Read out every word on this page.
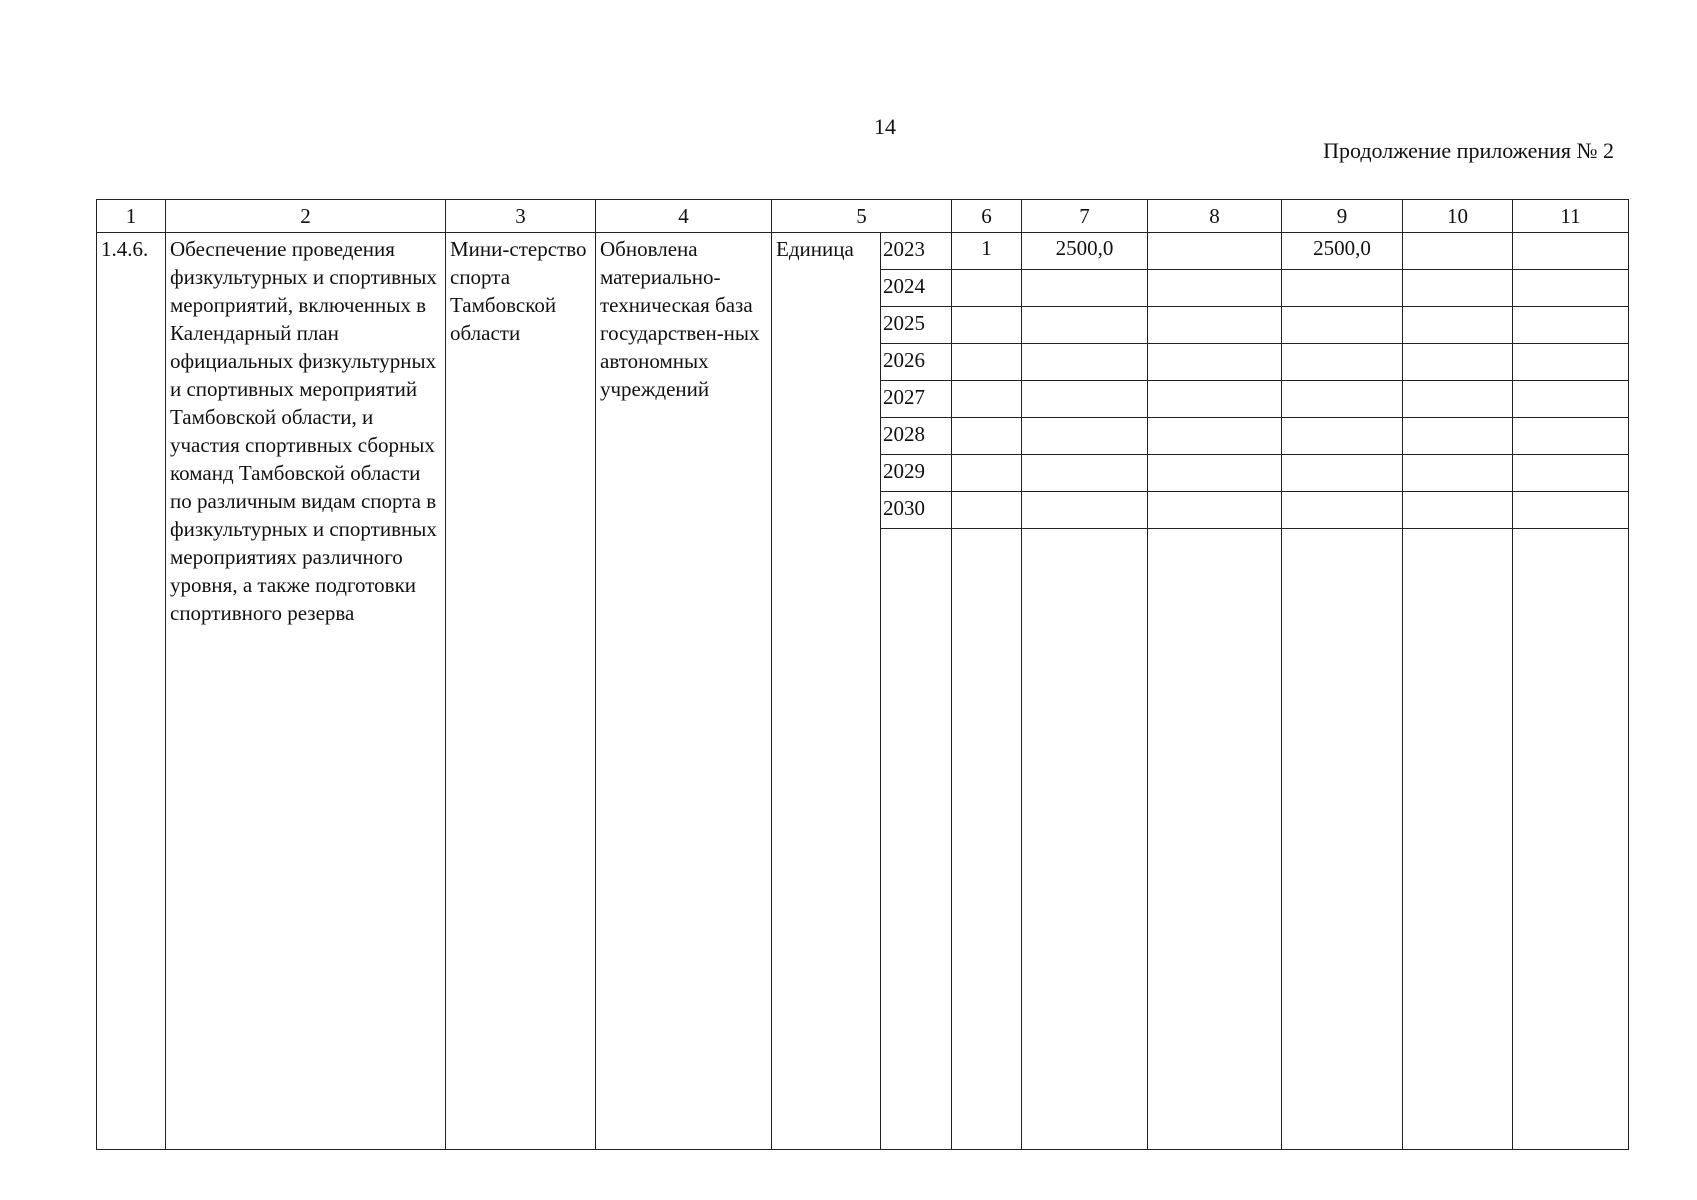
14
Продолжение приложения № 2
1	2	3	4	5		6	7	8	9	10	11
1.4.6.	Обеспечение проведения физкультурных и спортивных мероприятий, включенных в Календарный план официальных физкультурных и спортивных мероприятий Тамбовской области, и участия спортивных сборных команд Тамбовской области по различным видам спорта в физкультурных и спортивных мероприятиях различного уровня, а также подготовки спортивного резерва	Мини-стерство спорта Тамбовской области	Обновлена материально-техническая база государствен-ных автономных учреждений	Единица	2023	1	2500,0		2500,0		
					2024						
					2025						
					2026						
					2027						
					2028						
					2029						
					2030						
